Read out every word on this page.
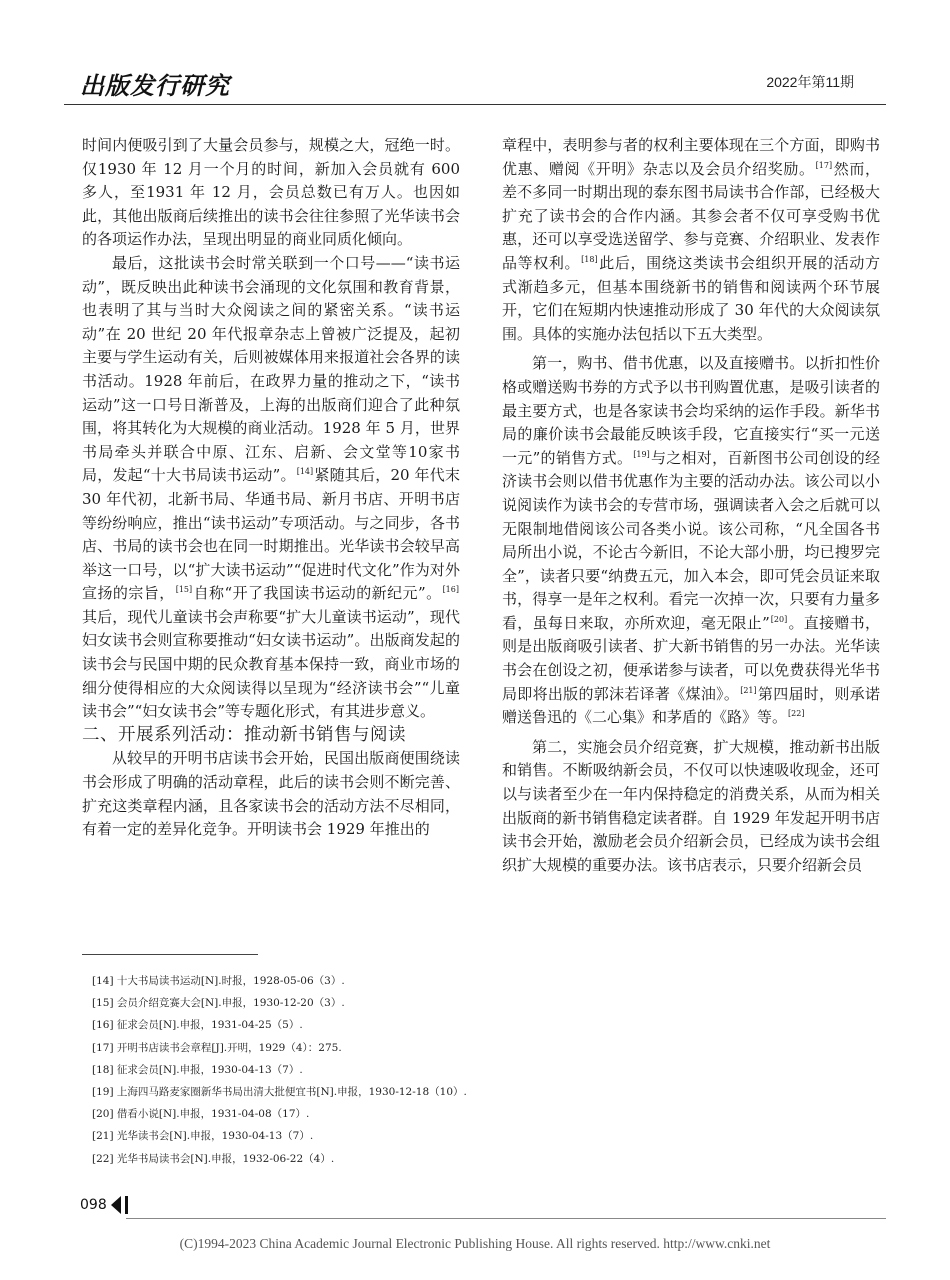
出版发行研究	2022年第11期

时间内便吸引到了大量会员参与，规模之大，冠绝一时。仅1930 年 12 月一个月的时间，新加入会员就有 600 多人，至1931 年 12 月，会员总数已有万人。也因如此，其他出版商后续推出的读书会往往参照了光华读书会的各项运作办法，呈现出明显的商业同质化倾向。

最后，这批读书会时常关联到一个口号——“读书运动”，既反映出此种读书会涌现的文化氛围和教育背景，也表明了其与当时大众阅读之间的紧密关系。“读书运动”在 20 世纪 20 年代报章杂志上曾被广泛提及，起初主要与学生运动有关，后则被媒体用来报道社会各界的读书活动。1928 年前后，在政界力量的推动之下，“读书运动”这一口号日渐普及，上海的出版商们迎合了此种氛围，将其转化为大规模的商业活动。1928 年 5 月，世界书局牵头并联合中原、江东、启新、会文堂等10家书局，发起“十大书局读书运动”。[14]紧随其后，20 年代末 30 年代初，北新书局、华通书局、新月书店、开明书店等纷纷响应，推出“读书运动”专项活动。与之同步，各书店、书局的读书会也在同一时期推出。光华读书会较早高举这一口号，以“扩大读书运动”“促进时代文化”作为对外宣扬的宗旨，[15]自称“开了我国读书运动的新纪元”。[16]其后，现代儿童读书会声称要“扩大儿童读书运动”，现代妇女读书会则宣称要推动“妇女读书运动”。出版商发起的读书会与民国中期的民众教育基本保持一致，商业市场的细分使得相应的大众阅读得以呈现为“经济读书会”“儿童读书会”“妇女读书会”等专题化形式，有其进步意义。

二、开展系列活动：推动新书销售与阅读

从较早的开明书店读书会开始，民国出版商便围绕读书会形成了明确的活动章程，此后的读书会则不断完善、扩充这类章程内涵，且各家读书会的活动方法不尽相同，有着一定的差异化竞争。开明读书会 1929 年推出的

章程中，表明参与者的权利主要体现在三个方面，即购书优惠、赠阅《开明》杂志以及会员介绍奖励。[17]然而，差不多同一时期出现的泰东图书局读书合作部，已经极大扩充了读书会的合作内涵。其参会者不仅可享受购书优惠，还可以享受选送留学、参与竞赛、介绍职业、发表作品等权利。[18]此后，围绕这类读书会组织开展的活动方式渐趋多元，但基本围绕新书的销售和阅读两个环节展开，它们在短期内快速推动形成了 30 年代的大众阅读氛围。具体的实施办法包括以下五大类型。

第一，购书、借书优惠，以及直接赠书。以折扣性价格或赠送购书券的方式予以书刊购置优惠，是吸引读者的最主要方式，也是各家读书会均采纳的运作手段。新华书局的廉价读书会最能反映该手段，它直接实行“买一元送一元”的销售方式。[19]与之相对，百新图书公司创设的经济读书会则以借书优惠作为主要的活动办法。该公司以小说阅读作为读书会的专营市场，强调读者入会之后就可以无限制地借阅该公司各类小说。该公司称，“凡全国各书局所出小说，不论古今新旧，不论大部小册，均已搜罗完全”，读者只要“纳费五元，加入本会，即可凭会员证来取书，得享一是年之权利。看完一次掉一次，只要有力量多看，虽每日来取，亦所欢迎，毫无限止”[20]。直接赠书，则是出版商吸引读者、扩大新书销售的另一办法。光华读书会在创设之初，便承诺参与读者，可以免费获得光华书局即将出版的郭沫若译著《煤油》。[21]第四届时，则承诺赠送鲁迅的《二心集》和茅盾的《路》等。[22]

第二，实施会员介绍竞赛，扩大规模，推动新书出版和销售。不断吸纳新会员，不仅可以快速吸收现金，还可以与读者至少在一年内保持稳定的消费关系，从而为相关出版商的新书销售稳定读者群。自 1929 年发起开明书店读书会开始，激励老会员介绍新会员，已经成为读书会组织扩大规模的重要办法。该书店表示，只要介绍新会员

[14] 十大书局读书运动[N].时报，1928-05-06（3）.
[15] 会员介绍竞赛大会[N].申报，1930-12-20（3）.
[16] 征求会员[N].申报，1931-04-25（5）.
[17] 开明书店读书会章程[J].开明，1929（4）：275.
[18] 征求会员[N].申报，1930-04-13（7）.
[19] 上海四马路麦家圈新华书局出清大批便宜书[N].申报，1930-12-18（10）.
[20] 借看小说[N].申报，1931-04-08（17）.
[21] 光华读书会[N].申报，1930-04-13（7）.
[22] 光华书局读书会[N].申报，1932-06-22（4）.
098
(C)1994-2023 China Academic Journal Electronic Publishing House. All rights reserved. http://www.cnki.net
